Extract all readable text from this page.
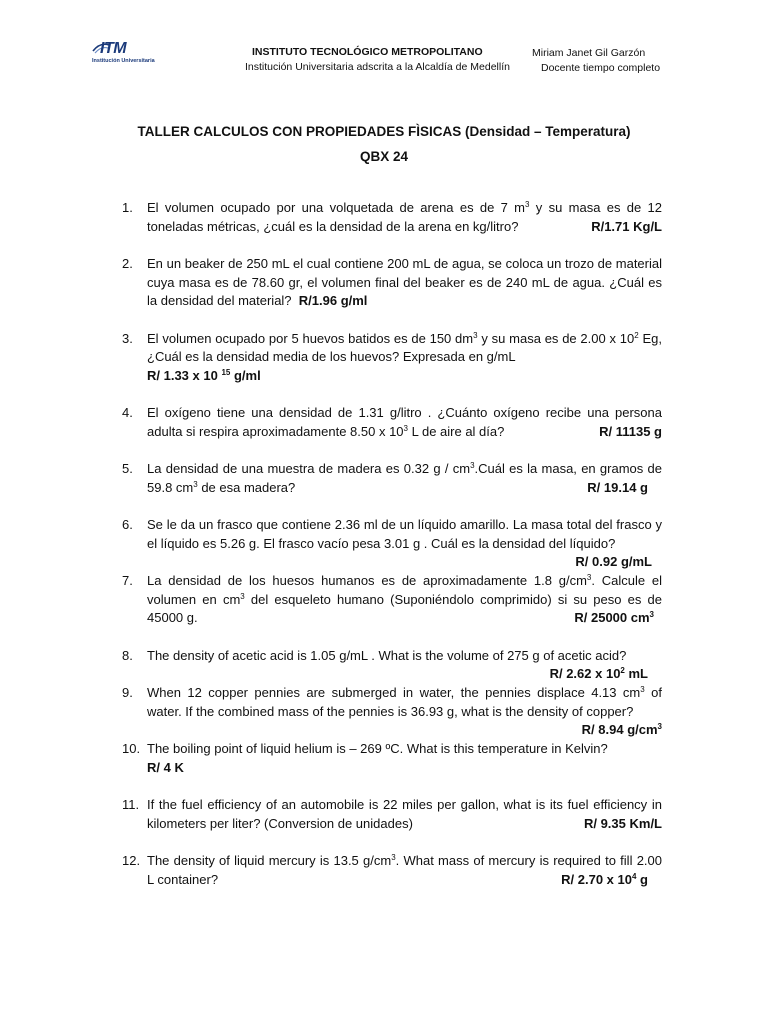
ITM
Institución Universitaria
INSTITUTO TECNOLÓGICO METROPOLITANO
Institución Universitaria adscrita a la Alcaldía de Medellín
Miriam Janet Gil Garzón
Docente tiempo completo
TALLER CALCULOS CON PROPIEDADES FÌSICAS (Densidad – Temperatura)
QBX 24
1. El volumen ocupado por una volquetada de arena es de 7 $m^3$ y su masa es de 12 toneladas métricas, ¿cuál es la densidad de la arena en kg/litro?	R/1.71 Kg/L
2. En un beaker de 250 mL el cual contiene 200 mL de agua, se coloca un trozo de material cuya masa es de 78.60 gr, el volumen final del beaker es de 240 mL de agua. ¿Cuál es la densidad del material? R/1.96 g/ml
3. El volumen ocupado por 5 huevos batidos es de 150 $dm^3$ y su masa es de 2.00 x $10^2$ Eg, ¿Cuál es la densidad media de los huevos? Expresada en g/mL
R/ 1.33 x 10 $^{15}$ g/ml
4. El oxígeno tiene una densidad de 1.31 g/litro . ¿Cuánto oxígeno recibe una persona adulta si respira aproximadamente 8.50 x $10^3$ L de aire al día?	R/ 11135 g
5. La densidad de una muestra de madera es 0.32 g / $cm^3.Cuál$ es la masa, en gramos de 59.8 $cm^3$ de esa madera?	R/ 19.14 g
6. Se le da un frasco que contiene 2.36 ml de un líquido amarillo. La masa total del frasco y el líquido es 5.26 g. El frasco vacío pesa 3.01 g . Cuál es la densidad del líquido?
R/ 0.92 g/mL
7. La densidad de los huesos humanos es de aproximadamente 1.8 $g/cm^3$. Calcule el volumen en $cm^3$ del esqueleto humano (Suponiéndolo comprimido) si su peso es de 45000 g.	R/ 25000 $cm^3$
8. The density of acetic acid is 1.05 g/mL . What is the volume of 275 g of acetic acid?
R/ 2.62 x $10^2$ mL
9. When 12 copper pennies are submerged in water, the pennies displace 4.13 $cm^3$ of water. If the combined mass of the pennies is 36.93 g, what is the density of copper?
R/ 8.94 $g/cm^3$
10. The boiling point of liquid helium is – 269 ºC. What is this temperature in Kelvin?
R/ 4 K
11. If the fuel efficiency of an automobile is 22 miles per gallon, what is its fuel efficiency in kilometers per liter? (Conversion de unidades)	R/ 9.35 Km/L
12. The density of liquid mercury is 13.5 $g/cm^3$. What mass of mercury is required to fill 2.00 L container?	R/ 2.70 x $10^4$ g
